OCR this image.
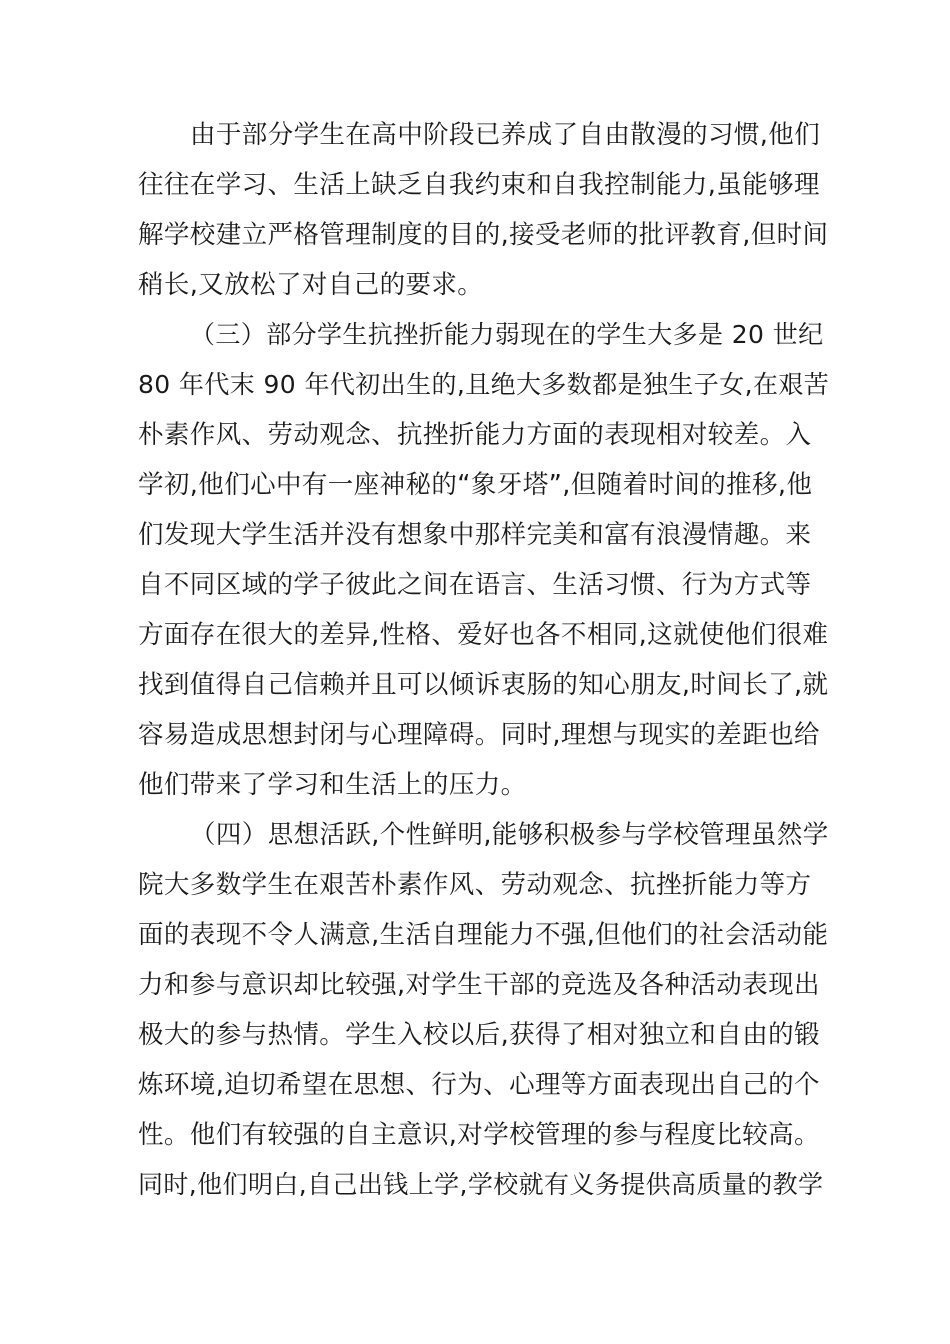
由于部分学生在高中阶段已养成了自由散漫的习惯,他们
往往在学习、生活上缺乏自我约束和自我控制能力,虽能够理
解学校建立严格管理制度的目的,接受老师的批评教育,但时间
稍长,又放松了对自己的要求。
（三）部分学生抗挫折能力弱现在的学生大多是 20 世纪
80 年代末 90 年代初出生的,且绝大多数都是独生子女,在艰苦
朴素作风、劳动观念、抗挫折能力方面的表现相对较差。入
学初,他们心中有一座神秘的“象牙塔”,但随着时间的推移,他
们发现大学生活并没有想象中那样完美和富有浪漫情趣。来
自不同区域的学子彼此之间在语言、生活习惯、行为方式等
方面存在很大的差异,性格、爱好也各不相同,这就使他们很难
找到值得自己信赖并且可以倾诉衷肠的知心朋友,时间长了,就
容易造成思想封闭与心理障碍。同时,理想与现实的差距也给
他们带来了学习和生活上的压力。
（四）思想活跃,个性鲜明,能够积极参与学校管理虽然学
院大多数学生在艰苦朴素作风、劳动观念、抗挫折能力等方
面的表现不令人满意,生活自理能力不强,但他们的社会活动能
力和参与意识却比较强,对学生干部的竞选及各种活动表现出
极大的参与热情。学生入校以后,获得了相对独立和自由的锻
炼环境,迫切希望在思想、行为、心理等方面表现出自己的个
性。他们有较强的自主意识,对学校管理的参与程度比较高。
同时,他们明白,自己出钱上学,学校就有义务提供高质量的教学
